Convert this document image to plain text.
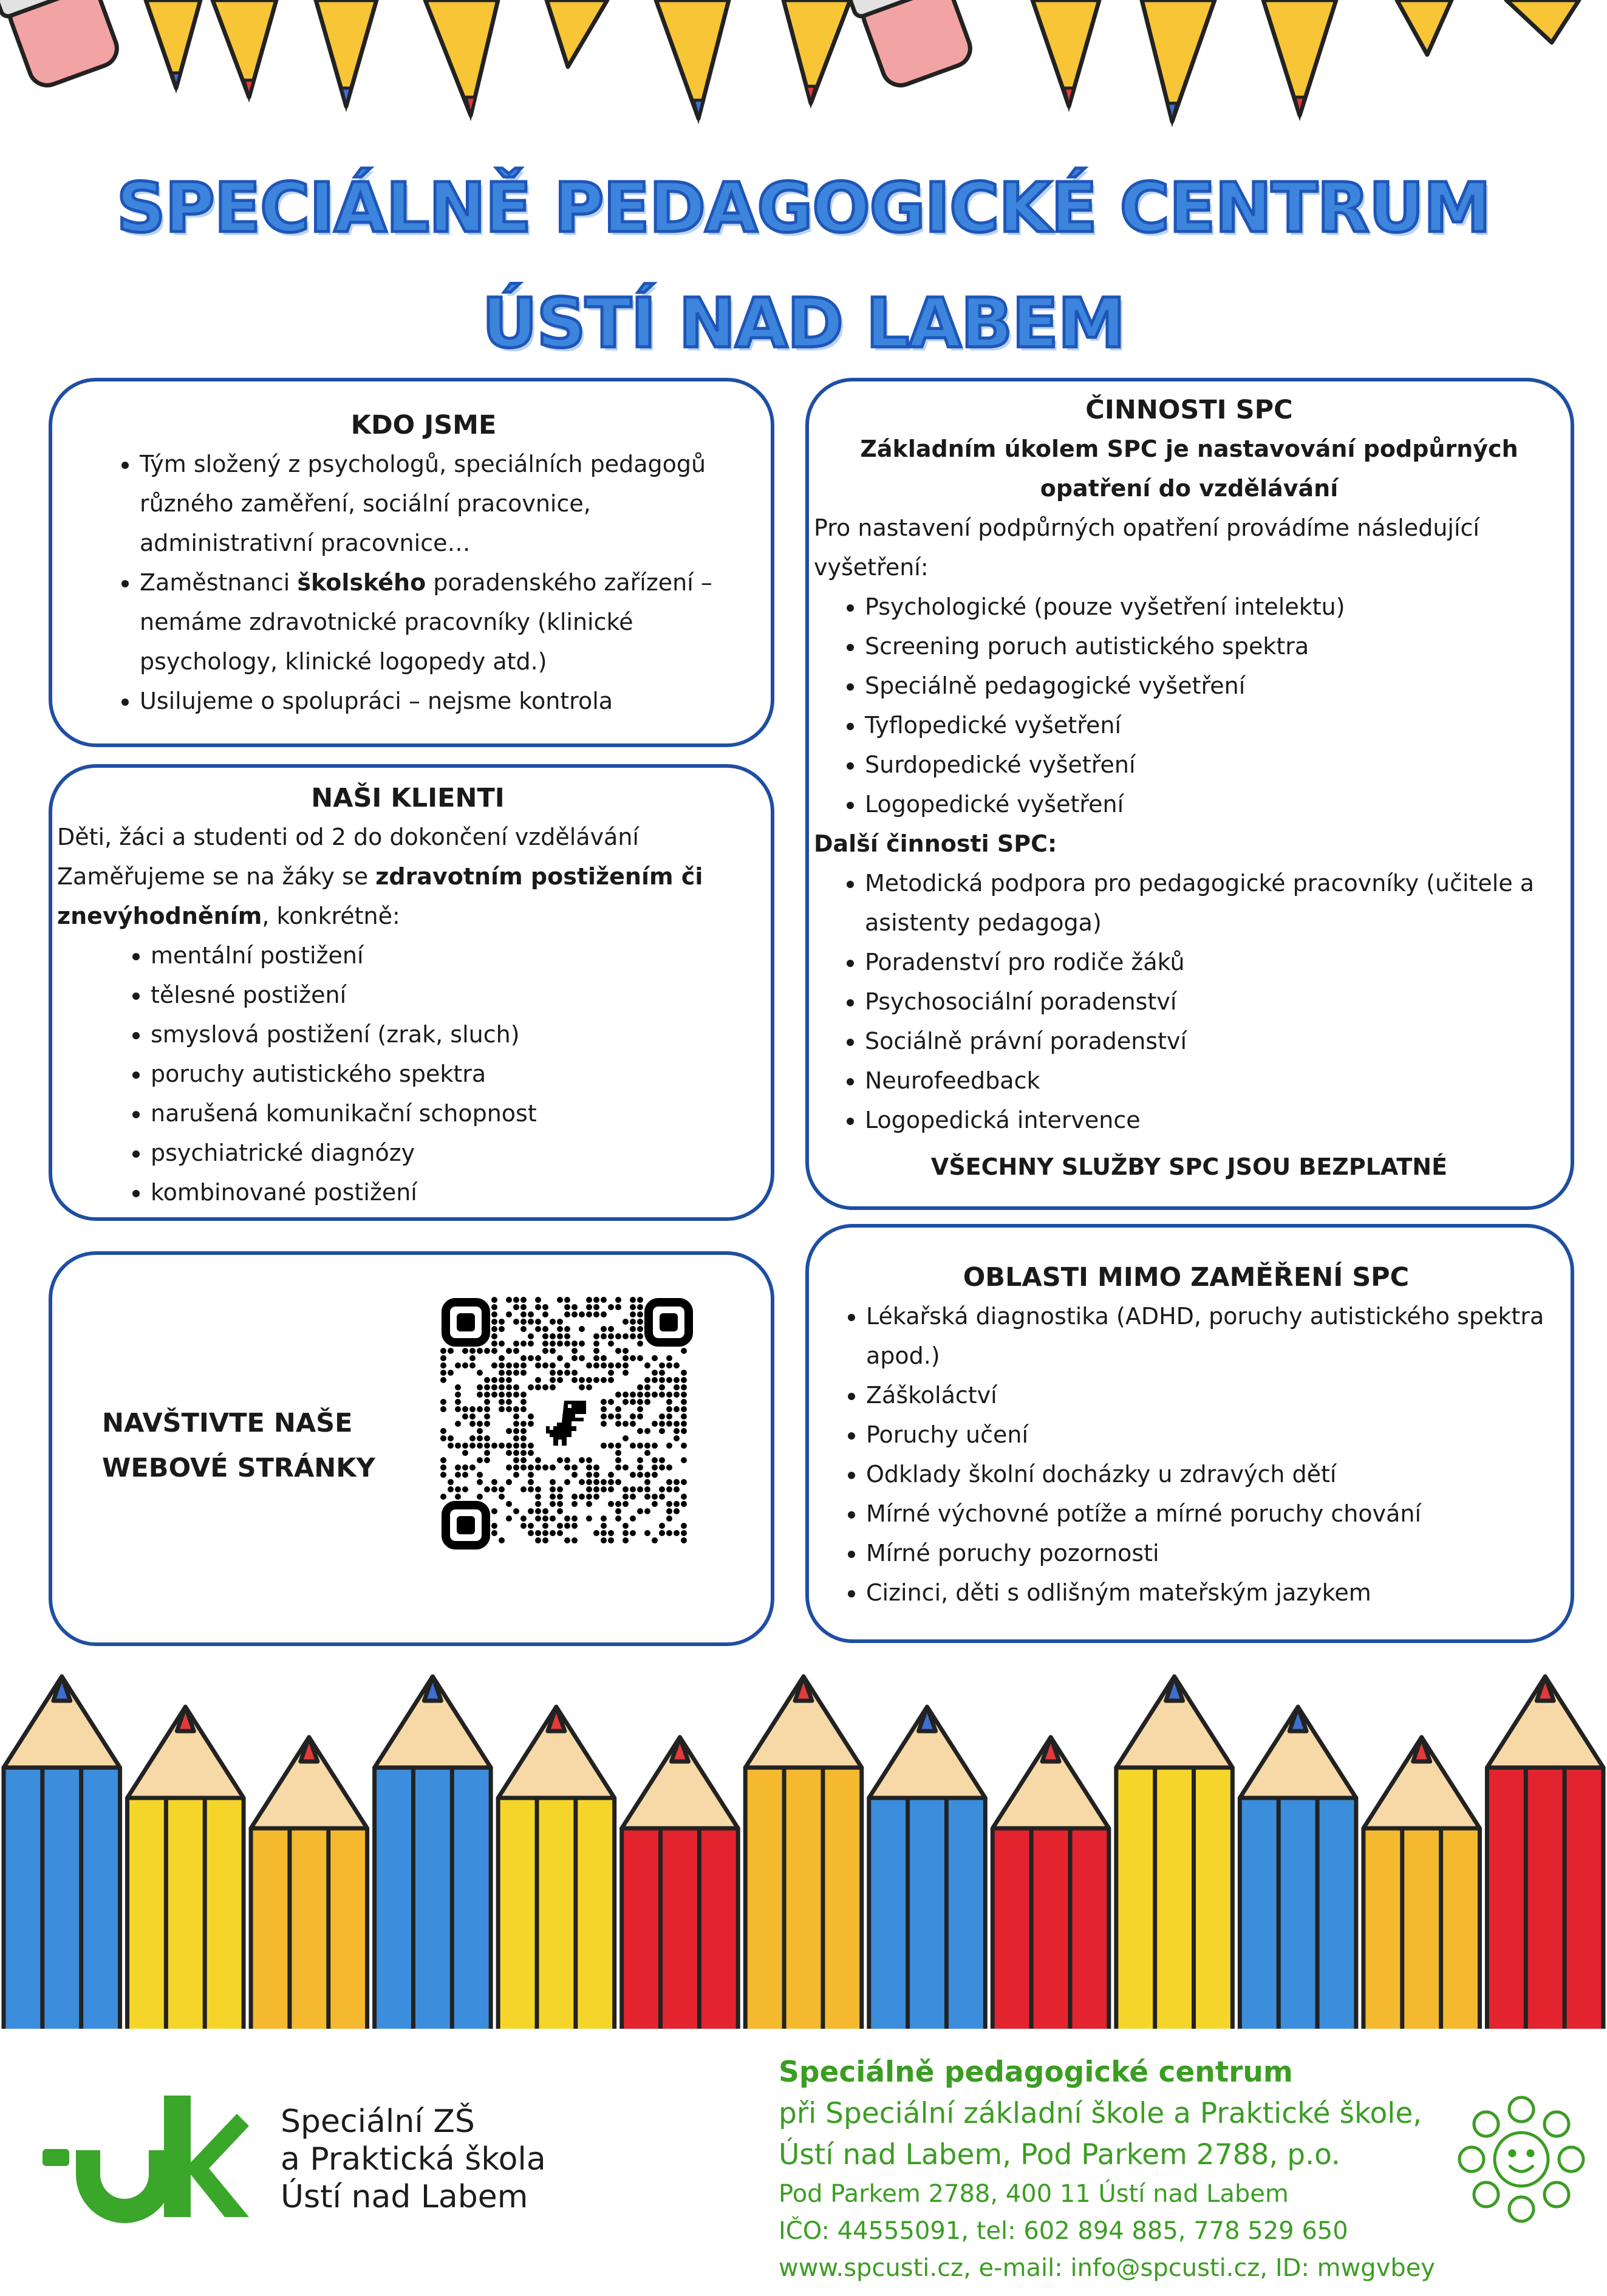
SPECIÁLNĚ PEDAGOGICKÉ CENTRUM
ÚSTÍ NAD LABEM

KDO JSME

• Tým složený z psychologů, speciálních pedagogů různého zaměření, sociální pracovnice, administrativní pracovnice…
• Zaměstnanci školského poradenského zařízení – nemáme zdravotnické pracovníky (klinické psychology, klinické logopedy atd.)
• Usilujeme o spolupráci – nejsme kontrola

NAŠI KLIENTI

Děti, žáci a studenti od 2 do dokončení vzdělávání

Zaměřujeme se na žáky se zdravotním postižením či znevýhodněním, konkrétně:

• mentální postižení
• tělesné postižení
• smyslová postižení (zrak, sluch)
• poruchy autistického spektra
• narušená komunikační schopnost
• psychiatrické diagnózy
• kombinované postižení
NAVŠTIVTE NAŠE
WEBOVÉ STRÁNKY

ČINNOSTI SPC

Základním úkolem SPC je nastavování podpůrných opatření do vzdělávání

Pro nastavení podpůrných opatření provádíme následující vyšetření:

• Psychologické (pouze vyšetření intelektu)
• Screening poruch autistického spektra
• Speciálně pedagogické vyšetření
• Tyflopedické vyšetření
• Surdopedické vyšetření
• Logopedické vyšetření

Další činnosti SPC:

• Metodická podpora pro pedagogické pracovníky (učitele a asistenty pedagoga)
• Poradenství pro rodiče žáků
• Psychosociální poradenství
• Sociálně právní poradenství
• Neurofeedback
• Logopedická intervence

VŠECHNY SLUŽBY SPC JSOU BEZPLATNÉ

OBLASTI MIMO ZAMĚŘENÍ SPC

• Lékařská diagnostika (ADHD, poruchy autistického spektra apod.)
• Záškoláctví
• Poruchy učení
• Odklady školní docházky u zdravých dětí
• Mírné výchovné potíže a mírné poruchy chování
• Mírné poruchy pozornosti
• Cizinci, děti s odlišným mateřským jazykem
Speciální ZŠ
a Praktická škola
Ústí nad Labem
Speciálně pedagogické centrum
při Speciální základní škole a Praktické škole,
Ústí nad Labem, Pod Parkem 2788, p.o.
Pod Parkem 2788, 400 11 Ústí nad Labem
IČO: 44555091, tel: 602 894 885, 778 529 650
www.spcusti.cz, e-mail: info@spcusti.cz, ID: mwgvbey
